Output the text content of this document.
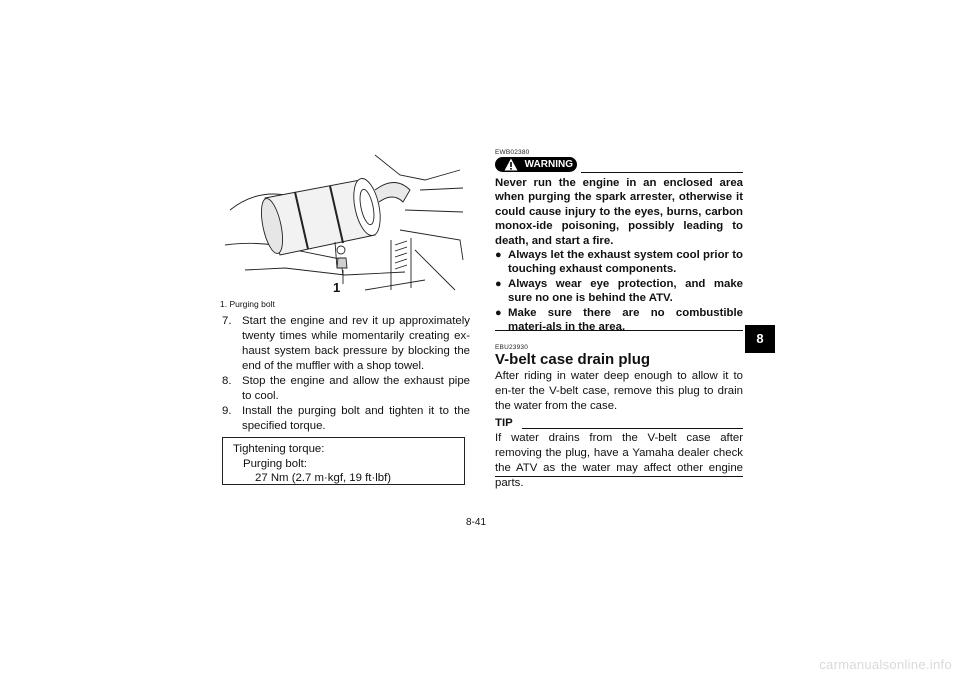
1
1. Purging bolt
7. Start the engine and rev it up approximately twenty times while momentarily creating ex-haust system back pressure by blocking the end of the muffler with a shop towel.
8. Stop the engine and allow the exhaust pipe to cool.
9. Install the purging bolt and tighten it to the specified torque.
Tightening torque:
Purging bolt:
27 Nm (2.7 m·kgf, 19 ft·lbf)
EWB02380
WARNING
Never run the engine in an enclosed area when purging the spark arrester, otherwise it could cause injury to the eyes, burns, carbon monox-ide poisoning, possibly leading to death, and start a fire.
● Always let the exhaust system cool prior to touching exhaust components.
● Always wear eye protection, and make sure no one is behind the ATV.
● Make sure there are no combustible materi-als in the area.
EBU23930
V-belt case drain plug
After riding in water deep enough to allow it to en-ter the V-belt case, remove this plug to drain the water from the case.
TIP
If water drains from the V-belt case after removing the plug, have a Yamaha dealer check the ATV as the water may affect other engine parts.
8-41
8
carmanualsonline.info
